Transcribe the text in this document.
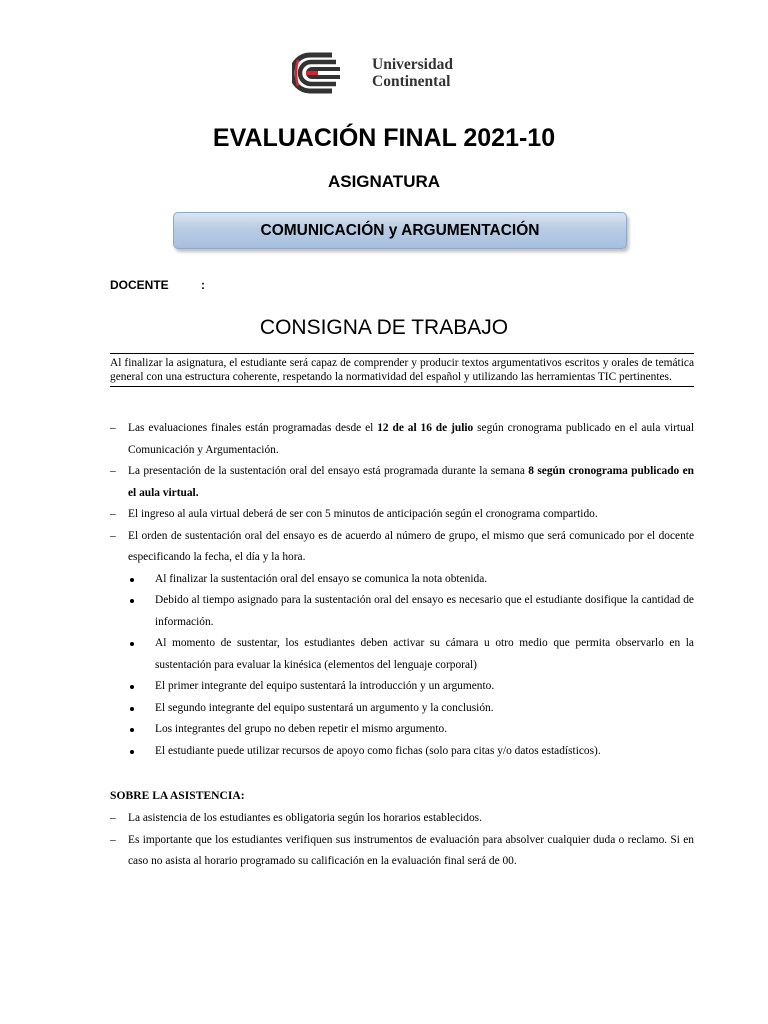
Universidad
Continental
EVALUACIÓN FINAL 2021-10
ASIGNATURA
COMUNICACIÓN y ARGUMENTACIÓN
DOCENTE	:
CONSIGNA DE TRABAJO
Al finalizar la asignatura, el estudiante será capaz de comprender y producir textos argumentativos escritos y orales de temática general con una estructura coherente, respetando la normatividad del español y utilizando las herramientas TIC pertinentes.
– Las evaluaciones finales están programadas desde el 12 de al 16 de julio según cronograma publicado en el aula virtual Comunicación y Argumentación.
– La presentación de la sustentación oral del ensayo está programada durante la semana 8 según cronograma publicado en el aula virtual.
– El ingreso al aula virtual deberá de ser con 5 minutos de anticipación según el cronograma compartido.
– El orden de sustentación oral del ensayo es de acuerdo al número de grupo, el mismo que será comunicado por el docente especificando la fecha, el día y la hora.
Al finalizar la sustentación oral del ensayo se comunica la nota obtenida.
Debido al tiempo asignado para la sustentación oral del ensayo es necesario que el estudiante dosifique la cantidad de información.
Al momento de sustentar, los estudiantes deben activar su cámara u otro medio que permita observarlo en la sustentación para evaluar la kinésica (elementos del lenguaje corporal)
El primer integrante del equipo sustentará la introducción y un argumento.
El segundo integrante del equipo sustentará un argumento y la conclusión.
Los integrantes del grupo no deben repetir el mismo argumento.
El estudiante puede utilizar recursos de apoyo como fichas (solo para citas y/o datos estadísticos).
SOBRE LA ASISTENCIA:
– La asistencia de los estudiantes es obligatoria según los horarios establecidos.
– Es importante que los estudiantes verifiquen sus instrumentos de evaluación para absolver cualquier duda o reclamo. Si en caso no asista al horario programado su calificación en la evaluación final será de 00.
